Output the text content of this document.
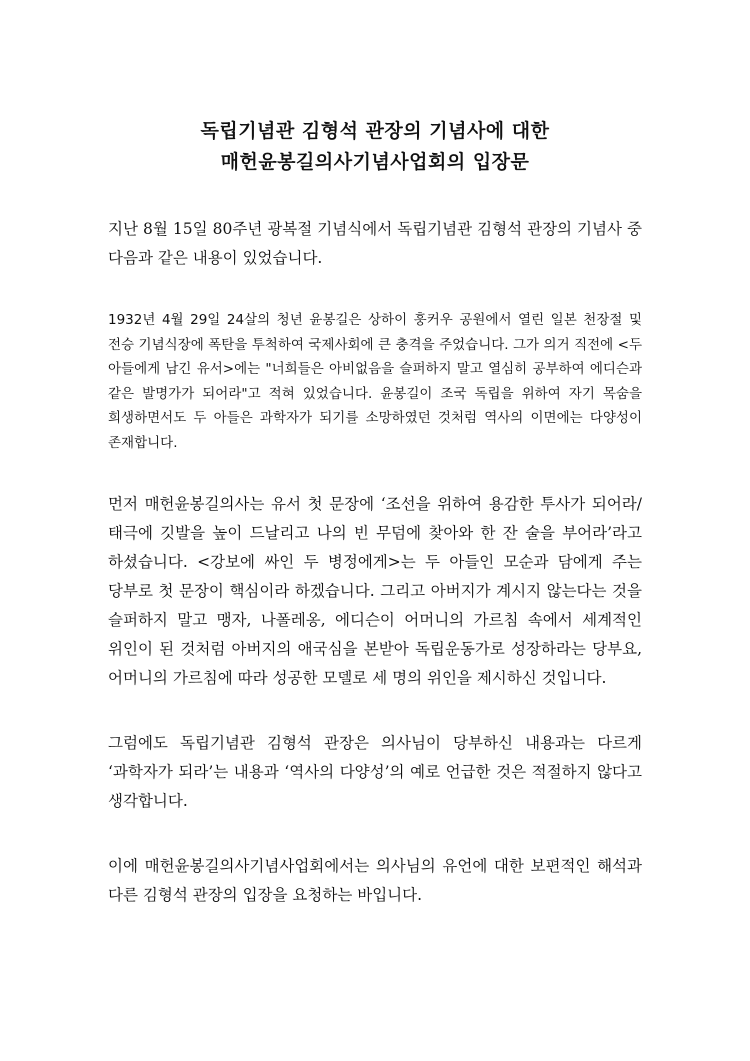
독립기념관 김형석 관장의 기념사에 대한
매헌윤봉길의사기념사업회의 입장문

지난 8월 15일 80주년 광복절 기념식에서 독립기념관 김형석 관장의 기념사 중 다음과 같은 내용이 있었습니다.

1932년 4월 29일 24살의 청년 윤봉길은 상하이 훙커우 공원에서 열린 일본 천장절 및 전승 기념식장에 폭탄을 투척하여 국제사회에 큰 충격을 주었습니다. 그가 의거 직전에 <두 아들에게 남긴 유서>에는 "너희들은 아비없음을 슬퍼하지 말고 열심히 공부하여 에디슨과 같은 발명가가 되어라"고 적혀 있었습니다. 윤봉길이 조국 독립을 위하여 자기 목숨을 희생하면서도 두 아들은 과학자가 되기를 소망하였던 것처럼 역사의 이면에는 다양성이 존재합니다.

먼저 매헌윤봉길의사는 유서 첫 문장에 ‘조선을 위하여 용감한 투사가 되어라/태극에 깃발을 높이 드날리고 나의 빈 무덤에 찾아와 한 잔 술을 부어라’라고 하셨습니다. <강보에 싸인 두 병정에게>는 두 아들인 모순과 담에게 주는 당부로 첫 문장이 핵심이라 하겠습니다. 그리고 아버지가 계시지 않는다는 것을 슬퍼하지 말고 맹자, 나폴레옹, 에디슨이 어머니의 가르침 속에서 세계적인 위인이 된 것처럼 아버지의 애국심을 본받아 독립운동가로 성장하라는 당부요, 어머니의 가르침에 따라 성공한 모델로 세 명의 위인을 제시하신 것입니다.

그럼에도 독립기념관 김형석 관장은 의사님이 당부하신 내용과는 다르게 ‘과학자가 되라’는 내용과 ‘역사의 다양성’의 예로 언급한 것은 적절하지 않다고 생각합니다.

이에 매헌윤봉길의사기념사업회에서는 의사님의 유언에 대한 보편적인 해석과 다른 김형석 관장의 입장을 요청하는 바입니다.
